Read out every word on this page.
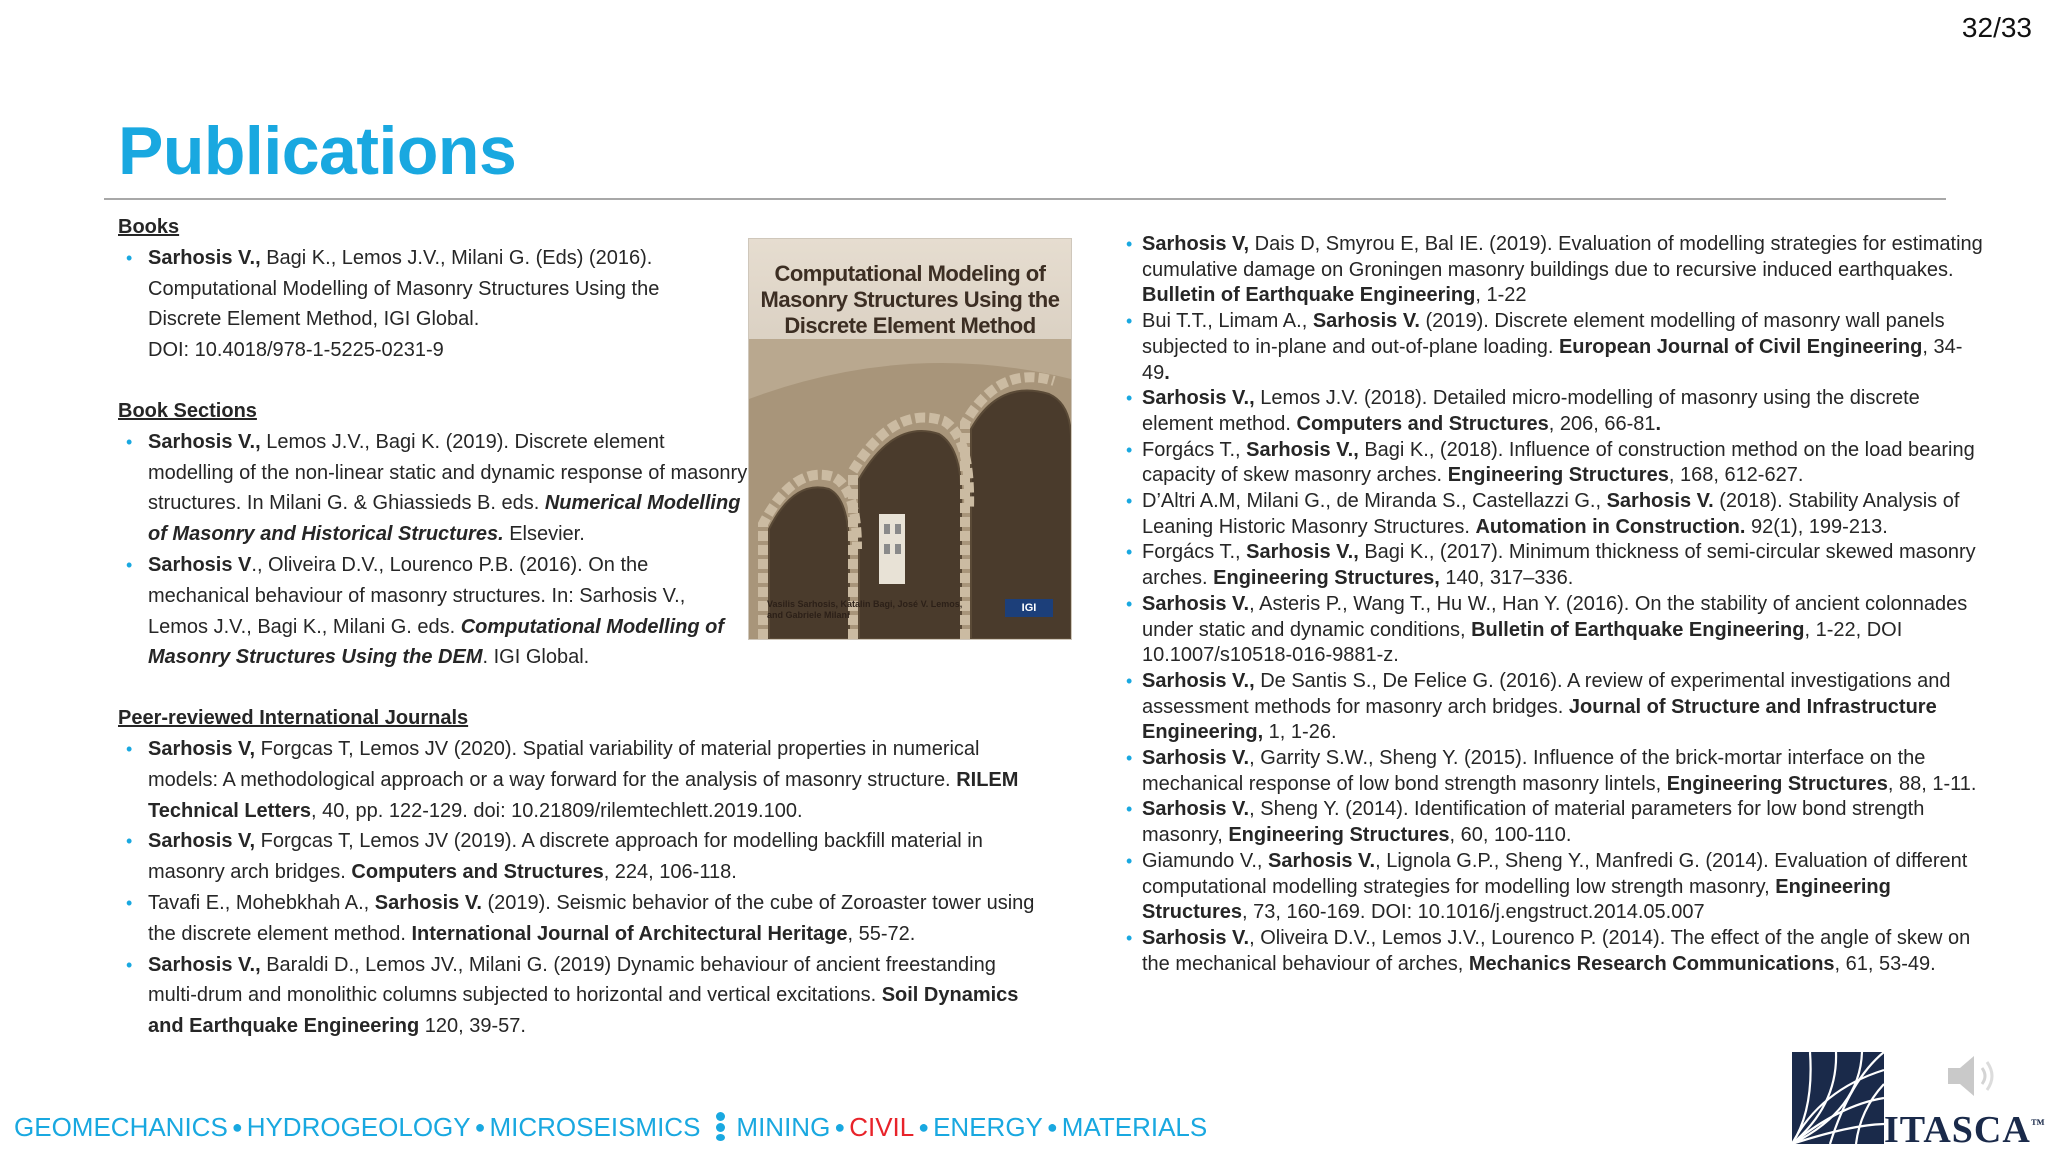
32/33
Publications
Books
• Sarhosis V., Bagi K., Lemos J.V., Milani G. (Eds) (2016). Computational Modelling of Masonry Structures Using the Discrete Element Method, IGI Global.
DOI: 10.4018/978-1-5225-0231-9
Book Sections
• Sarhosis V., Lemos J.V., Bagi K. (2019). Discrete element modelling of the non-linear static and dynamic response of masonry structures. In Milani G. & Ghiassieds B. eds. Numerical Modelling of Masonry and Historical Structures. Elsevier.
• Sarhosis V., Oliveira D.V., Lourenco P.B. (2016). On the mechanical behaviour of masonry structures. In: Sarhosis V., Lemos J.V., Bagi K., Milani G. eds. Computational Modelling of Masonry Structures Using the DEM. IGI Global.
Peer-reviewed International Journals
• Sarhosis V, Forgcas T, Lemos JV (2020). Spatial variability of material properties in numerical models: A methodological approach or a way forward for the analysis of masonry structure. RILEM Technical Letters, 40, pp. 122-129. doi: 10.21809/rilemtechlett.2019.100.
• Sarhosis V, Forgcas T, Lemos JV (2019). A discrete approach for modelling backfill material in masonry arch bridges. Computers and Structures, 224, 106-118.
• Tavafi E., Mohebkhah A., Sarhosis V. (2019). Seismic behavior of the cube of Zoroaster tower using the discrete element method. International Journal of Architectural Heritage, 55-72.
• Sarhosis V., Baraldi D., Lemos JV., Milani G. (2019) Dynamic behaviour of ancient freestanding multi-drum and monolithic columns subjected to horizontal and vertical excitations. Soil Dynamics and Earthquake Engineering 120, 39-57.
Computational Modeling of Masonry Structures Using the Discrete Element Method
Vasilis Sarhosis, Katalin Bagi, José V. Lemos, and Gabriele Milani
IGI
• Sarhosis V, Dais D, Smyrou E, Bal IE. (2019). Evaluation of modelling strategies for estimating cumulative damage on Groningen masonry buildings due to recursive induced earthquakes. Bulletin of Earthquake Engineering, 1-22
• Bui T.T., Limam A., Sarhosis V. (2019). Discrete element modelling of masonry wall panels subjected to in-plane and out-of-plane loading. European Journal of Civil Engineering, 34-49.
• Sarhosis V., Lemos J.V. (2018). Detailed micro-modelling of masonry using the discrete element method. Computers and Structures, 206, 66-81.
• Forgács T., Sarhosis V., Bagi K., (2018). Influence of construction method on the load bearing capacity of skew masonry arches. Engineering Structures, 168, 612-627.
• D’Altri A.M, Milani G., de Miranda S., Castellazzi G., Sarhosis V. (2018). Stability Analysis of Leaning Historic Masonry Structures. Automation in Construction. 92(1), 199-213.
• Forgács T., Sarhosis V., Bagi K., (2017). Minimum thickness of semi-circular skewed masonry arches. Engineering Structures, 140, 317–336.
• Sarhosis V., Asteris P., Wang T., Hu W., Han Y. (2016). On the stability of ancient colonnades under static and dynamic conditions, Bulletin of Earthquake Engineering, 1-22, DOI 10.1007/s10518-016-9881-z.
• Sarhosis V., De Santis S., De Felice G. (2016). A review of experimental investigations and assessment methods for masonry arch bridges. Journal of Structure and Infrastructure Engineering, 1, 1-26.
• Sarhosis V., Garrity S.W., Sheng Y. (2015). Influence of the brick-mortar interface on the mechanical response of low bond strength masonry lintels, Engineering Structures, 88, 1-11.
• Sarhosis V., Sheng Y. (2014). Identification of material parameters for low bond strength masonry, Engineering Structures, 60, 100-110.
• Giamundo V., Sarhosis V., Lignola G.P., Sheng Y., Manfredi G. (2014). Evaluation of different computational modelling strategies for modelling low strength masonry, Engineering Structures, 73, 160-169. DOI: 10.1016/j.engstruct.2014.05.007
• Sarhosis V., Oliveira D.V., Lemos J.V., Lourenco P. (2014). The effect of the angle of skew on the mechanical behaviour of arches, Mechanics Research Communications, 61, 53-49.
GEOMECHANICS ● HYDROGEOLOGY ● MICROSEISMICS MINING ● CIVIL ● ENERGY ● MATERIALS	ITASCA™
